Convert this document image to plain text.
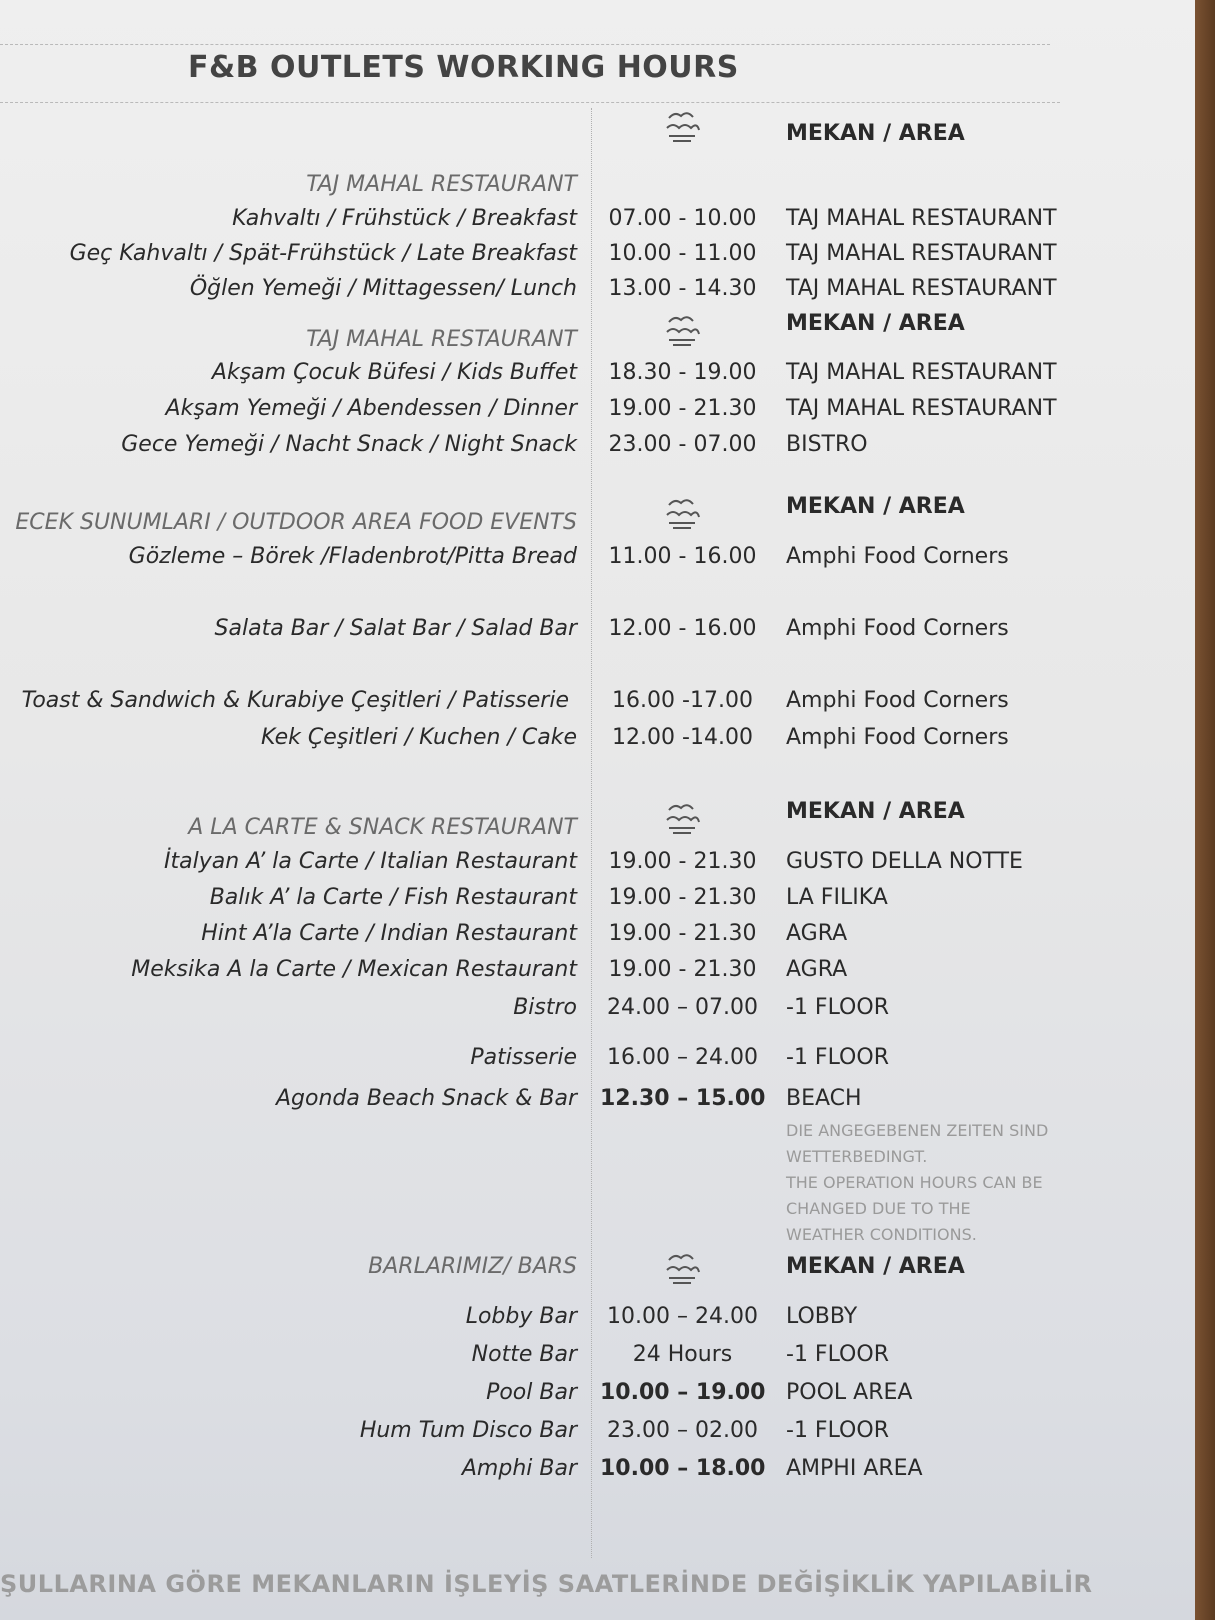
F&B OUTLETS WORKING HOURS
MEKAN / AREA
TAJ MAHAL RESTAURANT
Kahvaltı / Frühstück / Breakfast	07.00 - 10.00	TAJ MAHAL RESTAURANT
Geç Kahvaltı / Spät-Frühstück / Late Breakfast	10.00 - 11.00	TAJ MAHAL RESTAURANT
Öğlen Yemeği / Mittagessen/ Lunch	13.00 - 14.30	TAJ MAHAL RESTAURANT
TAJ MAHAL RESTAURANT
MEKAN / AREA
Akşam Çocuk Büfesi / Kids Buffet	18.30 - 19.00	TAJ MAHAL RESTAURANT
Akşam Yemeği / Abendessen / Dinner	19.00 - 21.30	TAJ MAHAL RESTAURANT
Gece Yemeği / Nacht Snack / Night Snack	23.00 - 07.00	BISTRO
ECEK SUNUMLARI / OUTDOOR AREA FOOD EVENTS
MEKAN / AREA
Gözleme – Börek /Fladenbrot/Pitta Bread	11.00 - 16.00	Amphi Food Corners
Salata Bar / Salat Bar / Salad Bar	12.00 - 16.00	Amphi Food Corners
Toast & Sandwich & Kurabiye Çeşitleri / Patisserie	16.00 -17.00	Amphi Food Corners
Kek Çeşitleri / Kuchen / Cake	12.00 -14.00	Amphi Food Corners
A LA CARTE & SNACK RESTAURANT
MEKAN / AREA
İtalyan A’ la Carte / Italian Restaurant	19.00 - 21.30	GUSTO DELLA NOTTE
Balık A’ la Carte / Fish Restaurant	19.00 - 21.30	LA FILIKA
Hint A’la Carte / Indian Restaurant	19.00 - 21.30	AGRA
Meksika A la Carte / Mexican Restaurant	19.00 - 21.30	AGRA
Bistro	24.00 – 07.00	-1 FLOOR
Patisserie	16.00 – 24.00	-1 FLOOR
Agonda Beach Snack & Bar 12.30 – 15.00 BEACH
DIE ANGEGEBENEN ZEITEN SIND
WETTERBEDINGT.
THE OPERATION HOURS CAN BE
CHANGED DUE TO THE
WEATHER CONDITIONS.
BARLARIMIZ/ BARS	MEKAN / AREA
Lobby Bar	10.00 – 24.00	LOBBY
Notte Bar	24 Hours	-1 FLOOR
Pool Bar 10.00 – 19.00 POOL AREA
Hum Tum Disco Bar	23.00 – 02.00	-1 FLOOR
Amphi Bar 10.00 – 18.00 AMPHI AREA
ŞULLARINA GÖRE MEKANLARIN İŞLEYİŞ SAATLERİNDE DEĞİŞİKLİK YAPILABİLİR
